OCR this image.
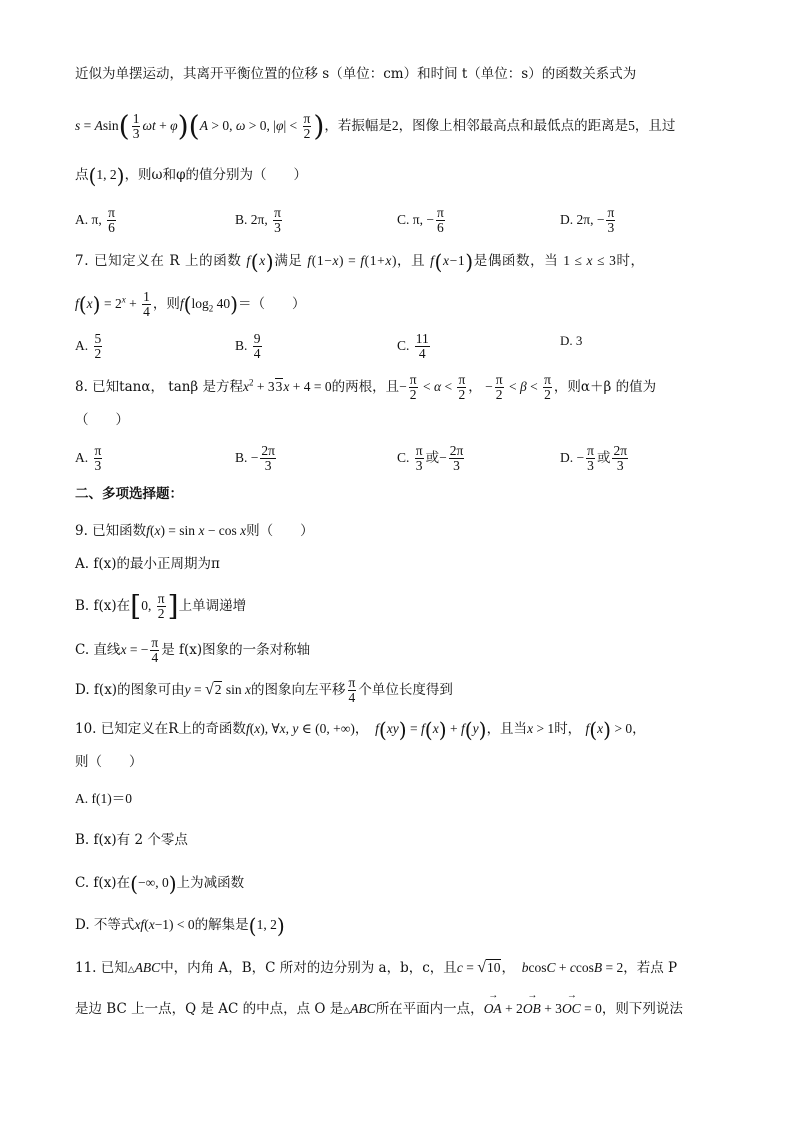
近似为单摆运动，其离开平衡位置的位移 s（单位：cm）和时间 t（单位：s）的函数关系式为
$s = Asin( \frac{1}{3}$ ωt + φ)(A > 0, ω > 0, $|\varphi| < \frac{\pi}{2}$ )，若振幅是2，图像上相邻最高点和最低点的距离是5，且过
点(1, 2)，则ω和φ的值分别为（　　）
A. π, $\frac{\pi}{6}$	B. 2π, $\frac{\pi}{3}$	C. π, − $\frac{\pi}{6}$	D. 2π, − $\frac{\pi}{3}$
7. 已知定义在 R 上的函数 f(x)满足 f(1−x) = f(1+x)，且 f(x−1)是偶函数，当 1 ≤ x ≤ 3时，
$f(x) = 2^x + \frac{1}{4}$ ，则$f(\log_2$ 40)＝（　　）
A. $\frac{5}{2}$	B. $\frac{9}{4}$	C. $\frac{11}{4}$	D. 3
8. 已知tanα， tanβ 是方程$x^2 + 33x + 4 = 0$的两根，且− $\frac{\pi}{2} < \alpha < \frac{\pi}{2}$ ， − $\frac{\pi}{2} < \beta < \frac{\pi}{2}$ ，则α＋β 的值为
（　　）
A. $\frac{\pi}{3}$	B. − $\frac{2\pi}{3}$	C. $\frac{\pi}{3}$ 或− $\frac{2\pi}{3}$	D. − $\frac{\pi}{3}$ 或 $\frac{2\pi}{3}$
二、多项选择题：
9. 已知函数f(x) = sin x − cos x则（　　）
A. f(x)的最小正周期为π
B. f(x)在[0, $\frac{\pi}{2}$ ]上单调递增
C. 直线x = − $\frac{\pi}{4}$ 是 f(x)图象的一条对称轴
D. f(x)的图象可由y = √2 sin x的图象向左平移 $\frac{\pi}{4}$ 个单位长度得到
10. 已知定义在R上的奇函数f(x), ∀x, y ∈ (0, +∞)，  f(xy) = f(x) + f(y)，且当x > 1时， f(x) > 0，
则（　　）
A. f(1)＝0
B. f(x)有 2 个零点
C. f(x)在(−∞, 0)上为减函数
D. 不等式xf(x−1) < 0的解集是(1, 2)
11. 已知△ABC中，内角 A，B，C 所对的边分别为 a，b，c，且c = √10，  bcosC + ccosB = 2，若点 P
是边 BC 上一点，Q 是 AC 的中点，点 O 是△ABC所在平面内一点，→ OA + 2→ OB + 3→ OC = 0，则下列说法
